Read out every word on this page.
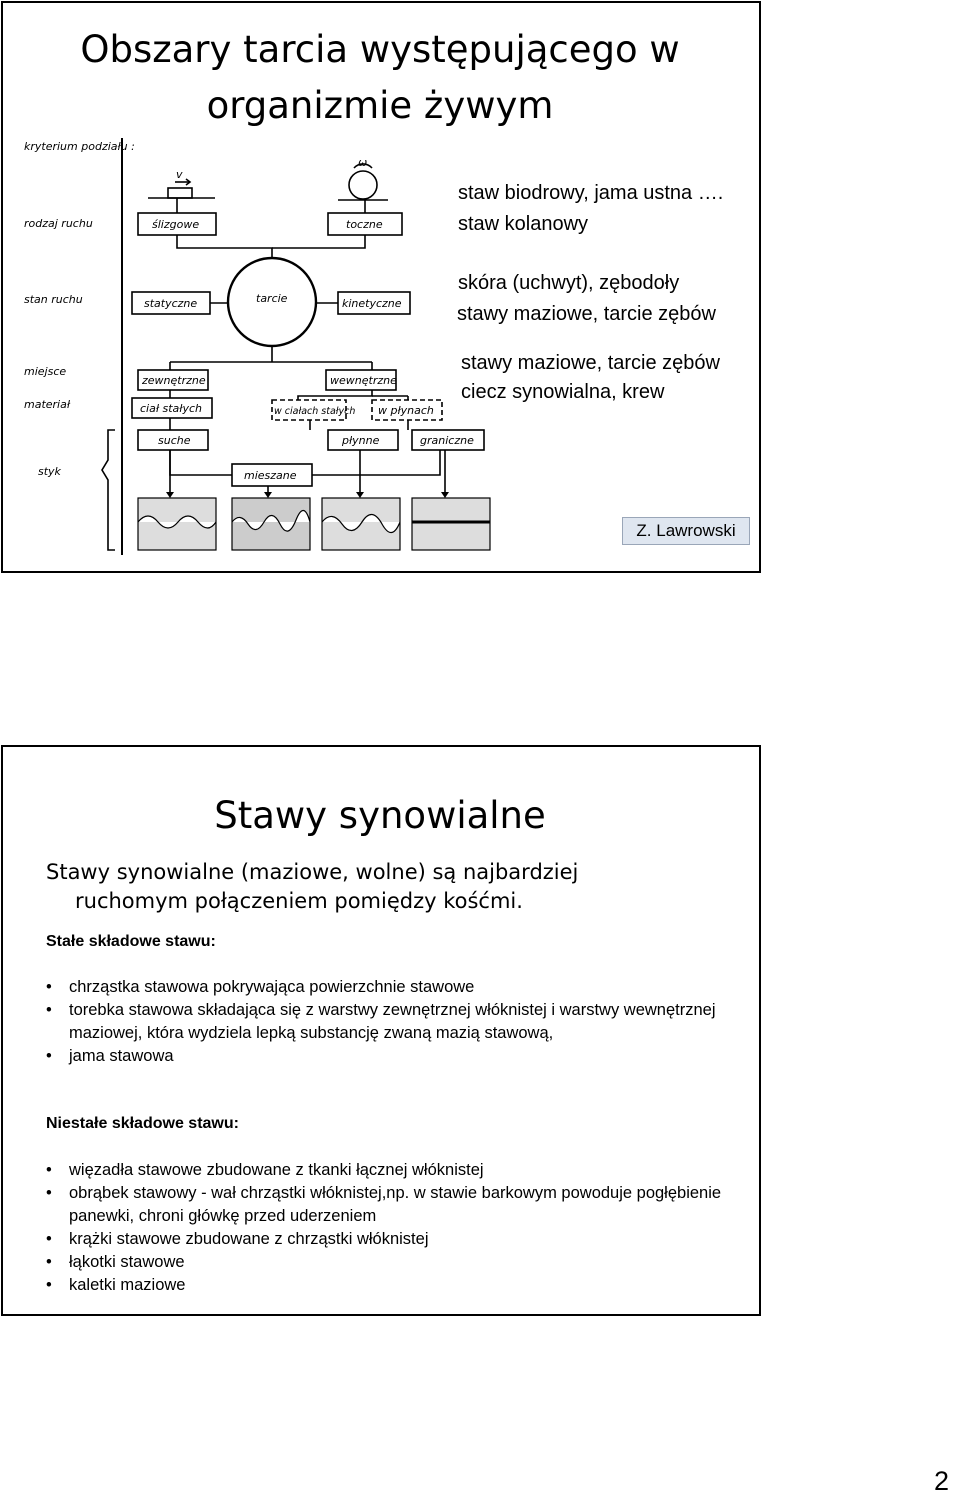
Obszary tarcia występującego w
organizmie żywym
kryterium podziału :
rodzaj ruchu
stan ruchu
miejsce
materiał
styk
v
ω
ślizgowe	toczne
statyczne	tarcie	kinetyczne
zewnętrzne	wewnętrzne
ciał stałych	w ciałach stałych w płynach
suche	płynne	graniczne
mieszane
staw biodrowy, jama ustna ….
staw kolanowy
skóra (uchwyt), zębodoły
stawy maziowe, tarcie zębów
stawy maziowe, tarcie zębów
ciecz synowialna, krew
Z. Lawrowski
Stawy synowialne
Stawy synowialne (maziowe, wolne) są najbardziej
ruchomym połączeniem pomiędzy kośćmi.
Stałe składowe stawu:
• chrząstka stawowa pokrywająca powierzchnie stawowe
• torebka stawowa składająca się z warstwy zewnętrznej włóknistej i warstwy wewnętrznej maziowej, która wydziela lepką substancję zwaną mazią stawową,
• jama stawowa
Niestałe składowe stawu:
• więzadła stawowe zbudowane z tkanki łącznej włóknistej
• obrąbek stawowy - wał chrząstki włóknistej,np. w stawie barkowym powoduje pogłębienie panewki, chroni główkę przed uderzeniem
• krążki stawowe zbudowane z chrząstki włóknistej
• łąkotki stawowe
• kaletki maziowe
2
